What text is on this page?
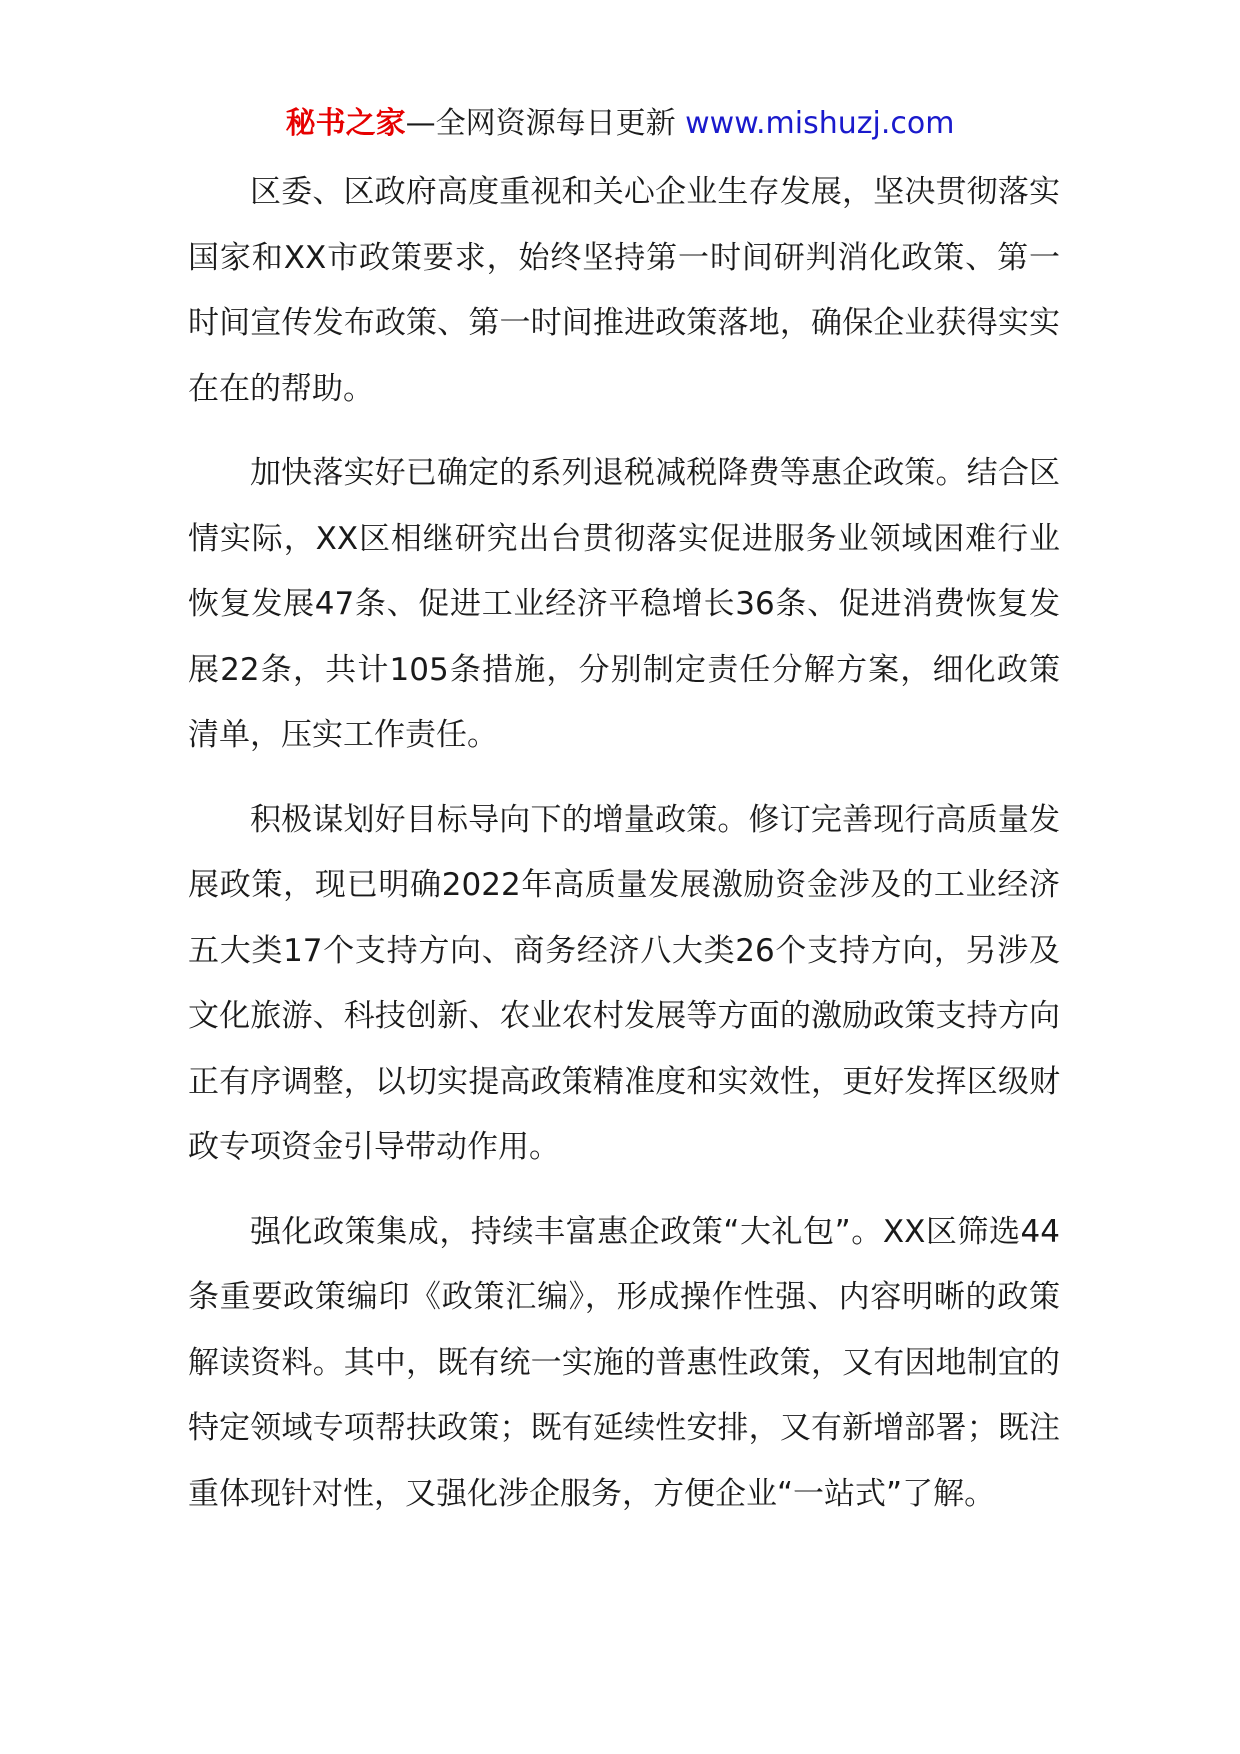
秘书之家—全网资源每日更新 www.mishuzj.com

区委、区政府高度重视和关心企业生存发展，坚决贯彻落实国家和XX市政策要求，始终坚持第一时间研判消化政策、第一时间宣传发布政策、第一时间推进政策落地，确保企业获得实实在在的帮助。

加快落实好已确定的系列退税减税降费等惠企政策。结合区情实际，XX区相继研究出台贯彻落实促进服务业领域困难行业恢复发展47条、促进工业经济平稳增长36条、促进消费恢复发展22条，共计105条措施，分别制定责任分解方案，细化政策清单，压实工作责任。

积极谋划好目标导向下的增量政策。修订完善现行高质量发展政策，现已明确2022年高质量发展激励资金涉及的工业经济五大类17个支持方向、商务经济八大类26个支持方向，另涉及文化旅游、科技创新、农业农村发展等方面的激励政策支持方向正有序调整，以切实提高政策精准度和实效性，更好发挥区级财政专项资金引导带动作用。

强化政策集成，持续丰富惠企政策“大礼包”。XX区筛选44条重要政策编印《政策汇编》，形成操作性强、内容明晰的政策解读资料。其中，既有统一实施的普惠性政策，又有因地制宜的特定领域专项帮扶政策；既有延续性安排，又有新增部署；既注重体现针对性，又强化涉企服务，方便企业“一站式”了解。
